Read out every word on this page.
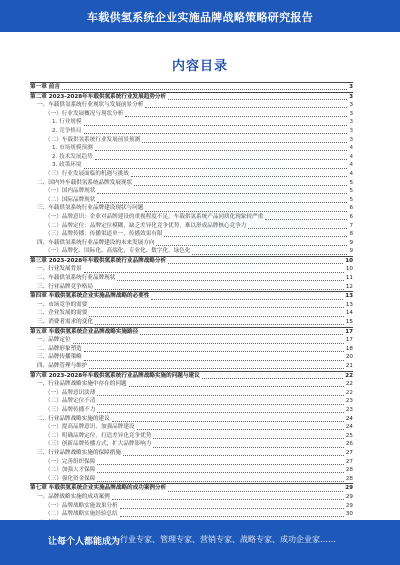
车载供氢系统企业实施品牌战略策略研究报告
内容目录
第一章 前言	3
第二章 2023-2028年车载供氢系统行业发展趋势分析	3
一、车载供氢系统行业现状与发展前景分析	3
（一）行业发展概况与现状分析	3
1. 行业规模	3
2. 竞争格局	3
（二）车载供氢系统行业发展前景预测	3
1. 市场规模预测	4
2. 技术发展趋势	4
3. 政策环境	4
（三）行业发展面临的机遇与挑战	4
二、国内外车载供氢系统品牌发展现状	5
（一）国内品牌现状	5
（二）国际品牌现状	5
三、车载供氢系统行业品牌建设现状与问题	6
（一）品牌意识：企业对品牌建设的重视程度不足，车载供氢系统产品同质化现象较严重	6
（二）品牌定位：品牌定位模糊，缺乏差异化竞争优势，难以形成品牌核心竞争力	7
（三）品牌传播：传播渠道单一，传播效果有限	8
四、车载供氢系统行业品牌建设的未来发展方向	9
（一）品牌化、国际化、高端化、专业化、数字化、绿色化	9
第三章 2023-2028年车载供氢系统行业品牌战略分析	10
一、行业发展背景	10
二、车载供氢系统行业品牌现状	11
三、行业品牌竞争格局	12
第四章 车载供氢系统企业实施品牌战略的必要性	13
一、市场竞争的需要	13
二、企业发展的需要	14
三、消费者需求的变化	15
第五章 车载供氢系统企业品牌战略实施路径	17
一、品牌定位	17
二、品牌形象塑造	18
三、品牌传播策略	20
四、品牌管理与维护	21
第六章 2023-2028年车载供氢系统行业品牌战略实施的问题与建议	22
一、行业品牌战略实施中存在的问题	22
（一）品牌意识淡薄	22
（二）品牌定位不清	23
（三）品牌传播不力	23
二、行业品牌战略实施的建议	24
（一）提高品牌意识，加强品牌建设	24
（二）明确品牌定位，打造差异化竞争优势	25
（三）创新品牌传播方式，扩大品牌影响力	26
三、行业品牌战略实施的保障措施	27
（一）完善组织保障	27
（二）加强人才保障	28
（三）强化资金保障	28
第七章 车载供氢系统企业实施品牌战略的成功案例分析	29
一、品牌战略实施的成功案例	29
（一）品牌战略实施效果分析	29
（二）品牌战略实施经验总结	30
让每个人都能成为 行业专家、管理专家、营销专家、战略专家、成功企业家……
